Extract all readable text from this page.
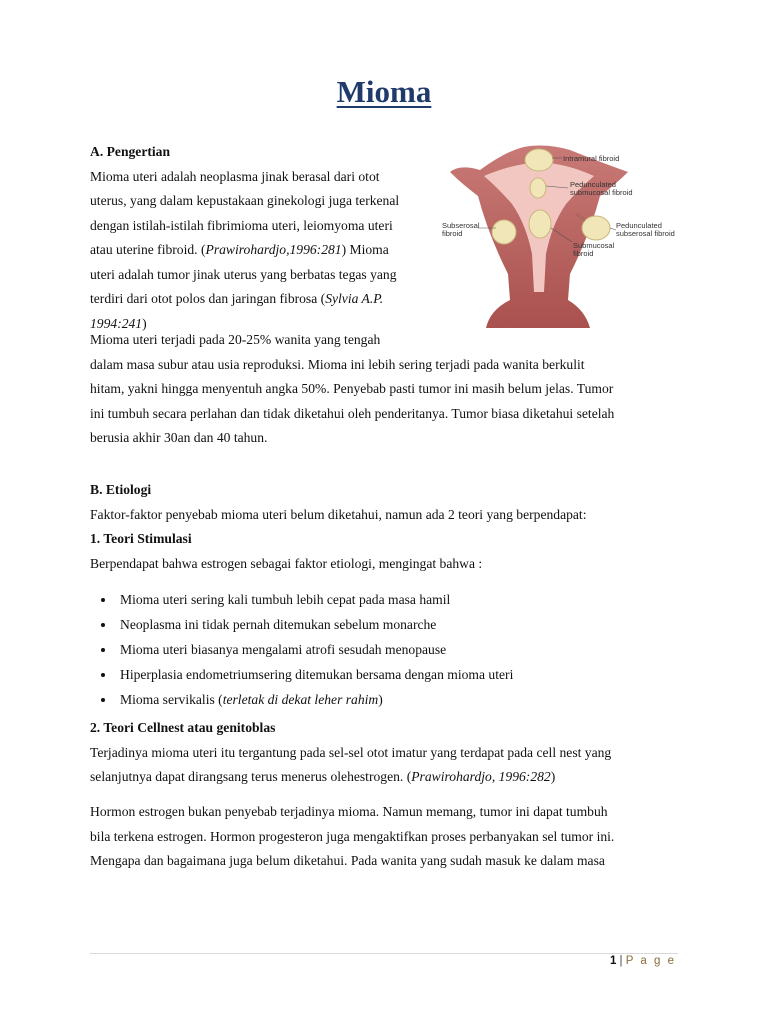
Mioma

A. Pengertian

Mioma uteri adalah neoplasma jinak berasal dari otot

uterus, yang dalam kepustakaan ginekologi juga terkenal

dengan istilah-istilah fibrimioma uteri, leiomyoma uteri

atau uterine fibroid. (Prawirohardjo,1996:281) Mioma

uteri adalah tumor jinak uterus yang berbatas tegas yang

terdiri dari otot polos dan jaringan fibrosa (Sylvia A.P.

1994:241)

Intramural fibroid
Pedunculated
submucosal fibroid
Subserosal
fibroid
Pedunculated
subserosal fibroid
Submucosal
fibroid

Mioma uteri terjadi pada 20-25% wanita yang tengah

dalam masa subur atau usia reproduksi. Mioma ini lebih sering terjadi pada wanita berkulit

hitam, yakni hingga menyentuh angka 50%. Penyebab pasti tumor ini masih belum jelas. Tumor

ini tumbuh secara perlahan dan tidak diketahui oleh penderitanya. Tumor biasa diketahui setelah

berusia akhir 30an dan 40 tahun.

B. Etiologi

Faktor-faktor penyebab mioma uteri belum diketahui, namun ada 2 teori yang berpendapat:

1. Teori Stimulasi

Berpendapat bahwa estrogen sebagai faktor etiologi, mengingat bahwa :

Mioma uteri sering kali tumbuh lebih cepat pada masa hamil
Neoplasma ini tidak pernah ditemukan sebelum monarche
Mioma uteri biasanya mengalami atrofi sesudah menopause
Hiperplasia endometriumsering ditemukan bersama dengan mioma uteri
Mioma servikalis (terletak di dekat leher rahim)

2. Teori Cellnest atau genitoblas

Terjadinya mioma uteri itu tergantung pada sel-sel otot imatur yang terdapat pada cell nest yang

selanjutnya dapat dirangsang terus menerus olehestrogen. (Prawirohardjo, 1996:282)

Hormon estrogen bukan penyebab terjadinya mioma. Namun memang, tumor ini dapat tumbuh

bila terkena estrogen. Hormon progesteron juga mengaktifkan proses perbanyakan sel tumor ini.

Mengapa dan bagaimana juga belum diketahui. Pada wanita yang sudah masuk ke dalam masa

1 | P a g e
